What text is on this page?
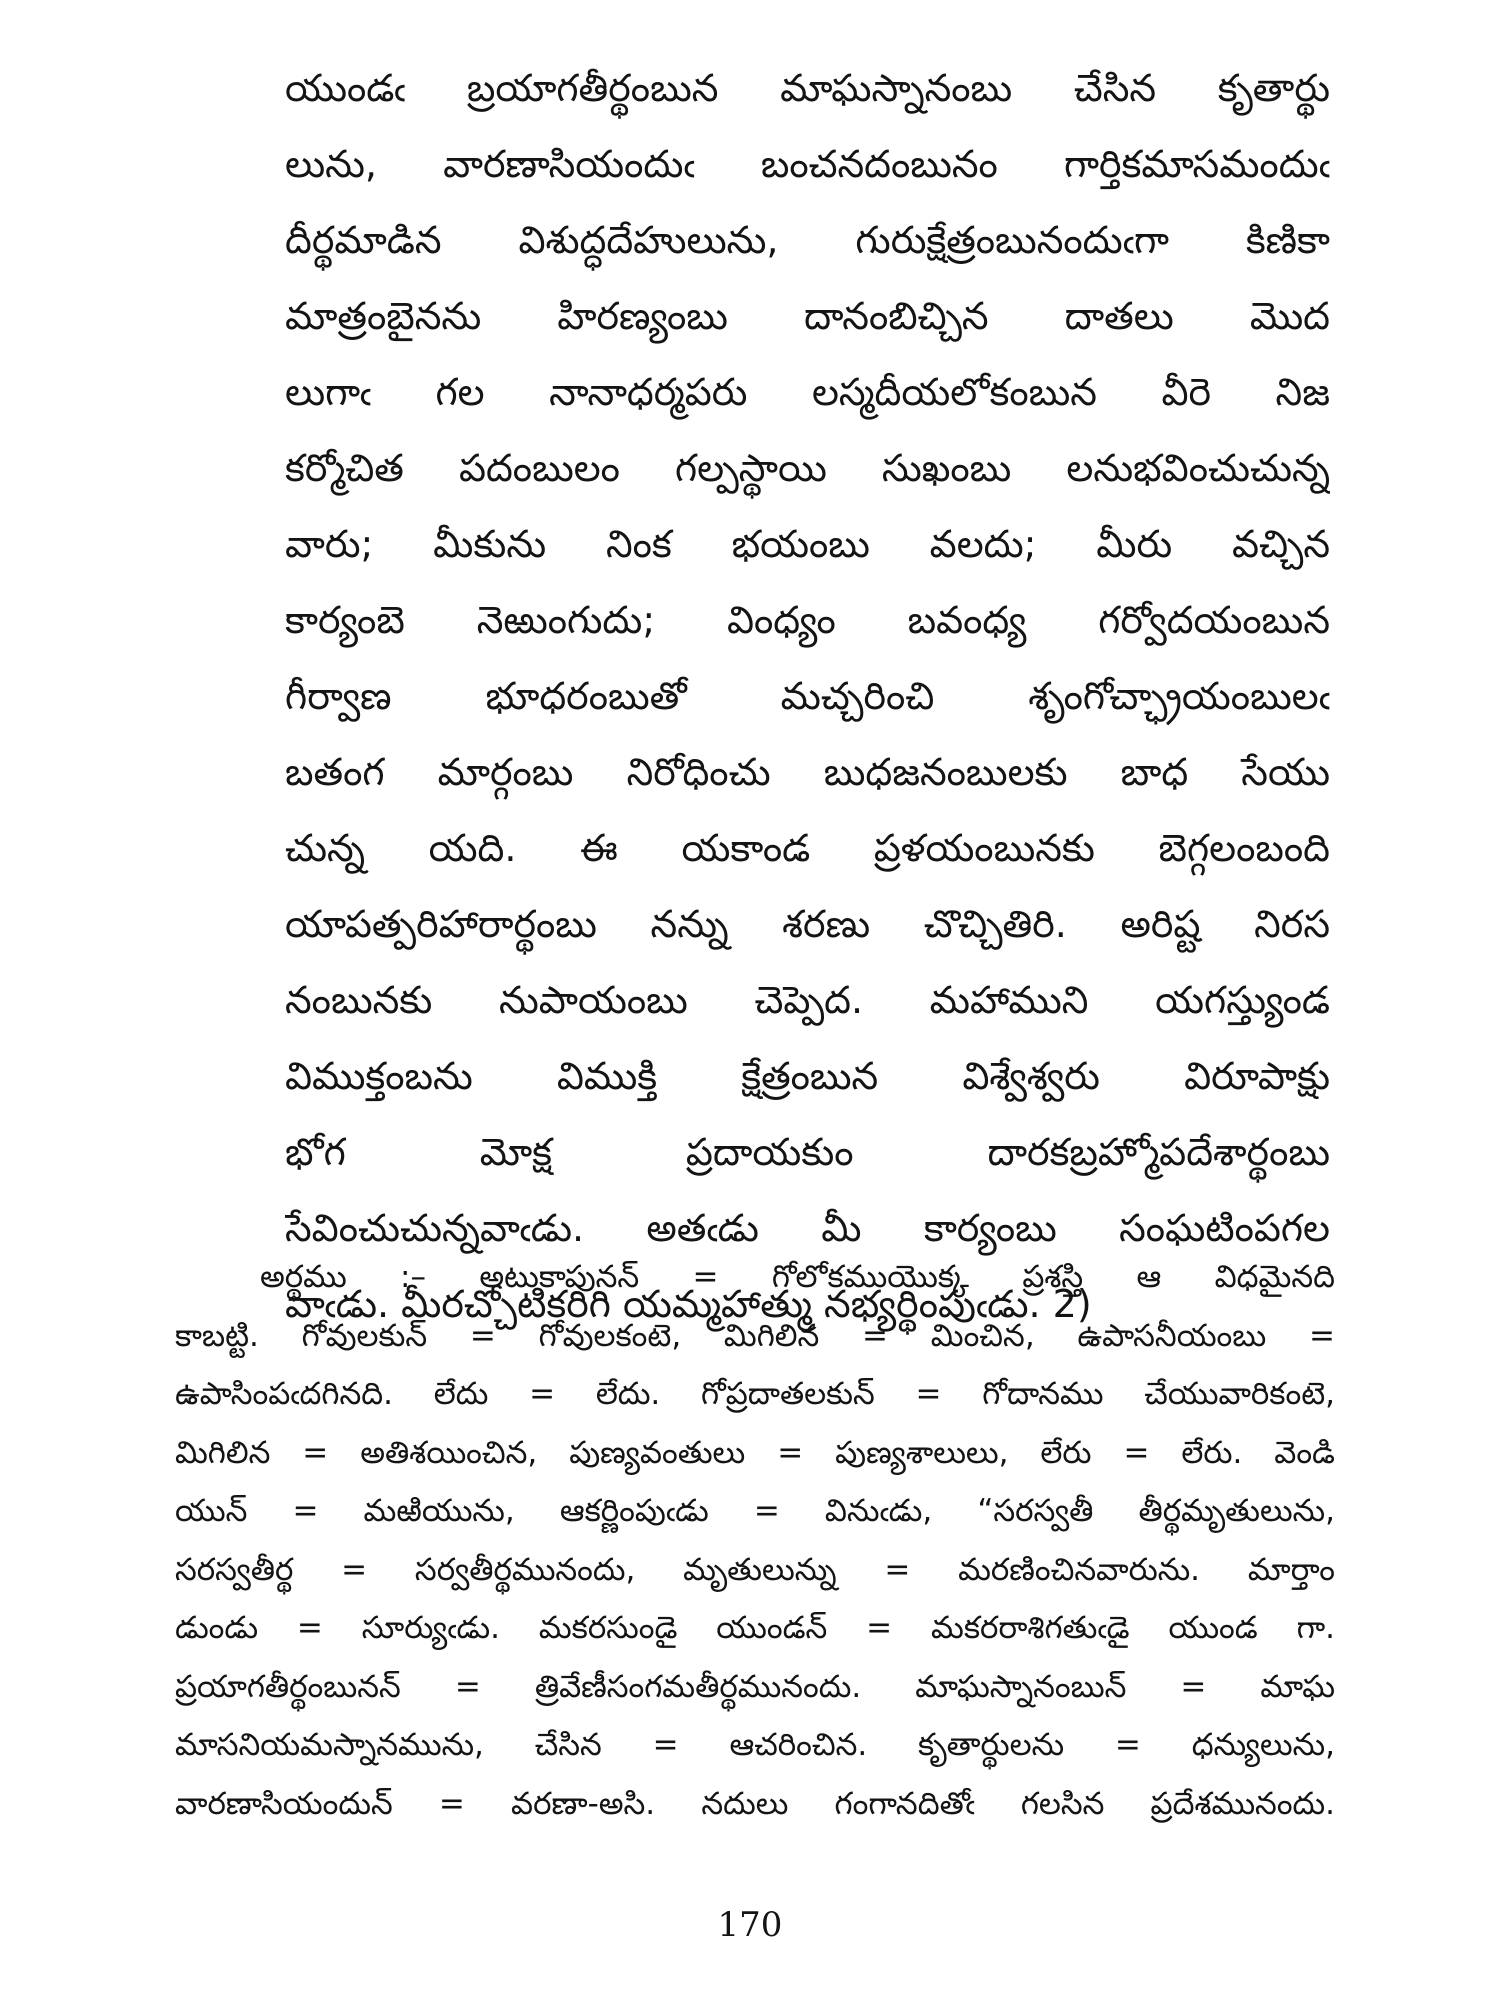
యుండఁ బ్రయాగతీర్థంబున మాఘస్నానంబు చేసిన కృతార్థు
లును, వారణాసియందుఁ బంచనదంబునం గార్తికమాసమందుఁ
దీర్థమాడిన విశుద్ధదేహులును, గురుక్షేత్రంబునందుఁగా కిణికా
మాత్రంబైనను హిరణ్యంబు దానంబిచ్చిన దాతలు మొద
లుగాఁ గల నానాధర్మపరు లస్మదీయలోకంబున వీరె నిజ
కర్మోచిత పదంబులం గల్పస్థాయి సుఖంబు లనుభవించుచున్న
వారు; మీకును నింక భయంబు వలదు; మీరు వచ్చిన
కార్యంబె నెఱుంగుదు; వింధ్యం బవంధ్య గర్వోదయంబున
గీర్వాణ భూధరంబుతో మచ్చరించి శృంగోచ్ఛ్రాయంబులఁ
బతంగ మార్గంబు నిరోధించు బుధజనంబులకు బాధ సేయు
చున్న యది. ఈ యకాండ ప్రళయంబునకు బెగ్గలంబంది
యాపత్పరిహారార్థంబు నన్ను శరణు చొచ్చితిరి. అరిష్ట నిరస
నంబునకు నుపాయంబు చెప్పెద. మహాముని యగస్త్యుండ
విముక్తంబను విముక్తి క్షేత్రంబున విశ్వేశ్వరు విరూపాక్షు
భోగ మోక్ష ప్రదాయకుం దారకబ్రహ్మోపదేశార్థంబు
సేవించుచున్నవాఁడు. అతఁడు మీ కార్యంబు సంఘటింపగల
వాఁడు. మీరచ్చోటికరిగి యమ్మహాత్ము నభ్యర్థింపుఁడు. 2)
అర్థము :– అటుకాపునన్ = గోలోకముయొక్క ప్రశస్తి ఆ విధమైనది
కాబట్టి. గోవులకున్ = గోవులకంటె, మిగిలిన = మించిన, ఉపాసనీయంబు =
ఉపాసింపఁదగినది. లేదు = లేదు. గోప్రదాతలకున్ = గోదానము చేయువారికంటె,
మిగిలిన = అతిశయించిన, పుణ్యవంతులు = పుణ్యశాలులు, లేరు = లేరు. వెండి
యున్ = మఱియును, ఆకర్ణింపుఁడు = వినుఁడు, “సరస్వతీ తీర్థమృతులును,
సరస్వతీర్థ = సర్వతీర్థమునందు, మృతులున్ను = మరణించినవారును. మార్తాం
డుండు = సూర్యుఁడు. మకరసుండై యుండన్ = మకరరాశిగతుఁడై యుండ గా.
ప్రయాగతీర్థంబునన్ = త్రివేణీసంగమతీర్థమునందు. మాఘస్నానంబున్ = మాఘ
మాసనియమస్నానమును, చేసిన = ఆచరించిన. కృతార్థులను = ధన్యులును,
వారణాసియందున్ = వరణా-అసి. నదులు గంగానదితోఁ గలసిన ప్రదేశమునందు.
170
